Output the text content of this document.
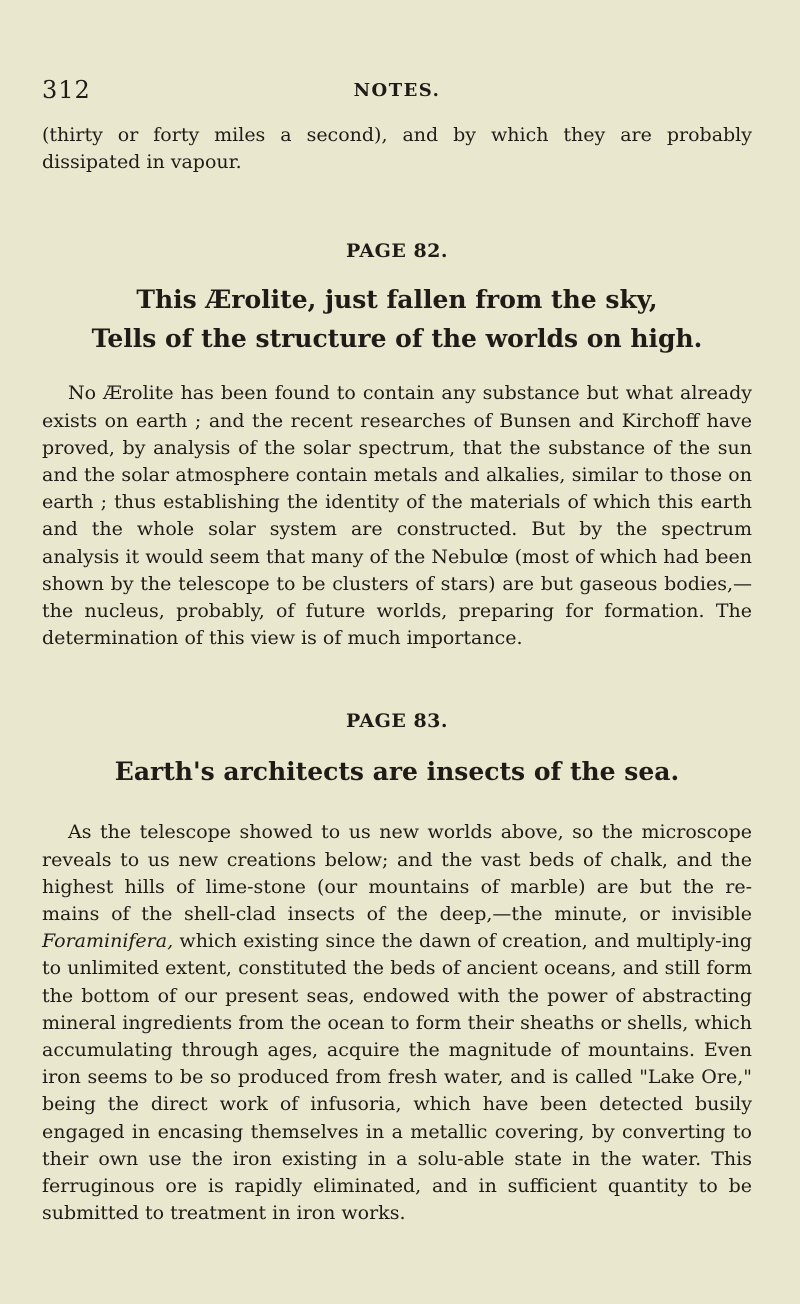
312	NOTES.

(thirty or forty miles a second), and by which they are probably dissipated in vapour.

PAGE 82.

This Ærolite, just fallen from the sky,

Tells of the structure of the worlds on high.

No Ærolite has been found to contain any substance but what already exists on earth ; and the recent researches of Bunsen and Kirchoff have proved, by analysis of the solar spectrum, that the substance of the sun and the solar atmosphere contain metals and alkalies, similar to those on earth ; thus establishing the identity of the materials of which this earth and the whole solar system are constructed. But by the spectrum analysis it would seem that many of the Nebulœ (most of which had been shown by the telescope to be clusters of stars) are but gaseous bodies,—the nucleus, probably, of future worlds, preparing for formation. The determination of this view is of much importance.

PAGE 83.

Earth's architects are insects of the sea.

As the telescope showed to us new worlds above, so the microscope reveals to us new creations below; and the vast beds of chalk, and the highest hills of lime-stone (our mountains of marble) are but the re-mains of the shell-clad insects of the deep,—the minute, or invisible Foraminifera, which existing since the dawn of creation, and multiply-ing to unlimited extent, constituted the beds of ancient oceans, and still form the bottom of our present seas, endowed with the power of abstracting mineral ingredients from the ocean to form their sheaths or shells, which accumulating through ages, acquire the magnitude of mountains. Even iron seems to be so produced from fresh water, and is called "Lake Ore," being the direct work of infusoria, which have been detected busily engaged in encasing themselves in a metallic covering, by converting to their own use the iron existing in a solu-able state in the water. This ferruginous ore is rapidly eliminated, and in sufficient quantity to be submitted to treatment in iron works.
